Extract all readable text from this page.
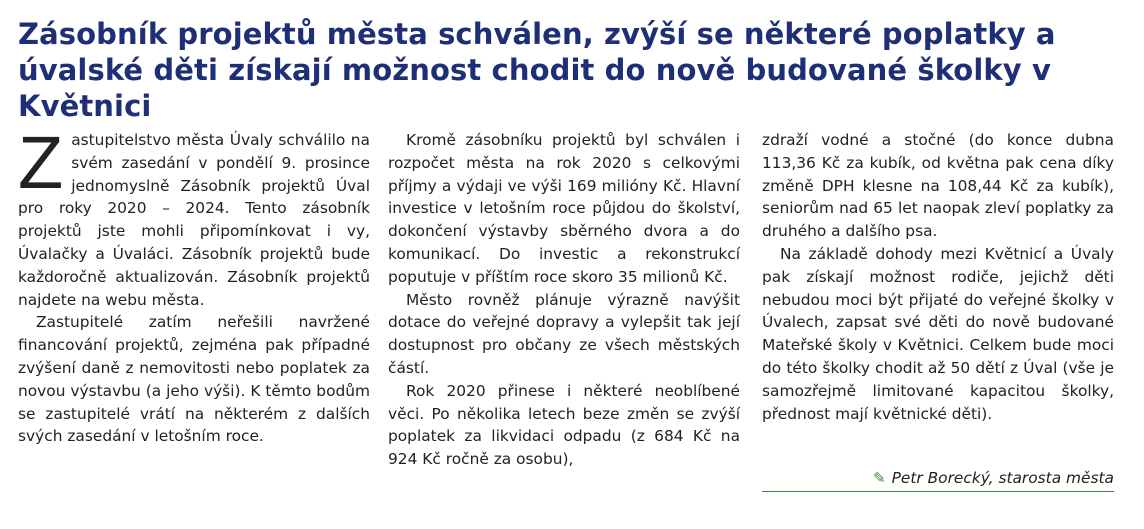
Zásobník projektů města schválen, zvýší se některé poplatky a úvalské děti získají možnost chodit do nově budované školky v Květnici

Zastupitelstvo města Úvaly schválilo na svém zasedání v pondělí 9. prosince jednomyslně Zásobník projektů Úval pro roky 2020 – 2024. Tento zásobník projektů jste mohli připomínkovat i vy, Úvalačky a Úvaláci. Zásobník projektů bude každoročně aktualizován. Zásobník projektů najdete na webu města.

Zastupitelé zatím neřešili navržené financování projektů, zejména pak případné zvýšení daně z nemovitosti nebo poplatek za novou výstavbu (a jeho výši). K těmto bodům se zastupitelé vrátí na některém z dalších svých zasedání v letošním roce.

Kromě zásobníku projektů byl schválen i rozpočet města na rok 2020 s celkovými příjmy a výdaji ve výši 169 milióny Kč. Hlavní investice v letošním roce půjdou do školství, dokončení výstavby sběrného dvora a do komunikací. Do investic a rekonstrukcí poputuje v příštím roce skoro 35 milionů Kč.

Město rovněž plánuje výrazně navýšit dotace do veřejné dopravy a vylepšit tak její dostupnost pro občany ze všech městských částí.

Rok 2020 přinese i některé neoblíbené věci. Po několika letech beze změn se zvýší poplatek za likvidaci odpadu (z 684 Kč na 924 Kč ročně za osobu),

zdraží vodné a stočné (do konce dubna 113,36 Kč za kubík, od května pak cena díky změně DPH klesne na 108,44 Kč za kubík), seniorům nad 65 let naopak zleví poplatky za druhého a dalšího psa.

Na základě dohody mezi Květnicí a Úvaly pak získají možnost rodiče, jejichž děti nebudou moci být přijaté do veřejné školky v Úvalech, zapsat své děti do nově budované Mateřské školy v Květnici. Celkem bude moci do této školky chodit až 50 dětí z Úval (vše je samozřejmě limitované kapacitou školky, přednost mají květnické děti).

✎ Petr Borecký, starosta města
